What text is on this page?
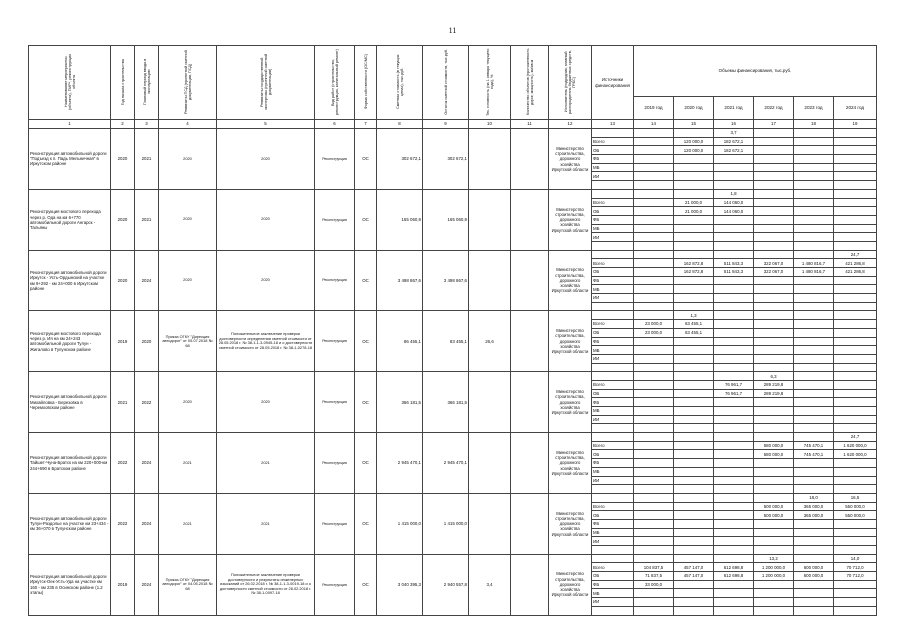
11
Наименование мероприятия (объекта), ПИР*, реконструкция объекта	Год начала строительства	Плановый период ввода в эксплуатацию	Реквизиты ПСД (проектной сметной документации, ПСД)	Реквизиты государственной экспертизы (проектной сметной документации)	Вид работ (строительство, реконструкция, капитальный ремонт)	Форма собственности (ОС/МС)	Сметная стоимость (в текущих ценах), тыс.руб.	Остаток сметной стоимости, тыс.руб.	Тех. готовность (на 1 января текущего года), %	Количество объектов (протяженность дорог, мощность), км/кв.м	Исполнитель (подрядчик, главный распорядитель бюджетных средств, ГРБС)	Источники финансирования	Объемы финансирования, тыс.руб.					
													2019 год	2020 год	2021 год	2022 год	2023 год	2024 год
1	2	3	4	5	6	7	8	9	10	11	12	13	14	15	16	17	18	19
Реконструкция автомобильной дороги "Подъезд к п. Падь Мельничная" в Иркутском районе	2020	2021	2020	2020	Реконструкция	ОС	302 672,1	302 672,1			Министерство строительства, дорожного хозяйства Иркутской области				3,7			
												Всего		120 000,0	182 672,1			
												ОБ		120 000,0	182 672,1			
												ФБ						
												МБ						
												ИИ						

Реконструкция мостового перехода через р. Ода на км 6+770 автомобильной дороги Ангарск - Тальяны	2020	2021	2020	2020	Реконструкция	ОС	165 060,9	165 060,9			Министерство строительства, дорожного хозяйства Иркутской области				1,8			
												Всего		21 000,0	144 060,0			
												ОБ		21 000,0	144 060,0			
												ФБ						
												МБ						
												ИИ						

Реконструкция автомобильной дороги Иркутск - Усть-Ордынский на участке км 9+292 - км 24+000 в Иркутском районе	2020	2024	2020	2020	Реконструкция	ОС	3 498 867,6	3 498 867,6			Министерство строительства, дорожного хозяйства Иркутской области							24,7
												Всего		162 872,8	511 843,3	322 067,0	1 480 816,7	421 286,8
												ОБ		162 872,8	511 843,3	322 067,0	1 480 816,7	421 286,8
												ФБ						
												МБ						
												ИИ						

Реконструкция мостового перехода через р. Ия на км 24+243 автомобильной дороги Тулун - Жигалово в Тулунском районе	2019	2020	Приказ ОГКУ "Дирекция автодорог" от 05.07.2018 № 68	Положительное заключение проверки достоверности определения сметной стоимости от 28.05.2018 г. № 38-1-1-3-0945-18 и о достоверности сметной стоимости от 28.05.2018 г. № 38-1-0278-18	Реконструкция	ОС	86 455,1	83 455,1	26,6		Министерство строительства, дорожного хозяйства Иркутской области			1,3				
												Всего	23 000,0	63 455,1				
												ОБ	23 000,0	63 455,1				
												ФБ						
												МБ						
												ИИ						

Реконструкция автомобильной дороги Михайловка - Березовка в Черемховском районе	2021	2022	2020	2020	Реконструкция	ОС	366 181,5	366 181,5			Министерство строительства, дорожного хозяйства Иркутской области					6,3		
												Всего			76 961,7	289 219,8		
												ОБ			76 961,7	289 219,8		
												ФБ						
												МБ						
												ИИ						

Реконструкция автомобильной дороги Тайшет-Чуна-Братск на км 220+000-км 244+690 в Братском районе	2022	2024	2021	2021	Реконструкция	ОС	2 945 470,1	2 945 470,1			Министерство строительства, дорожного хозяйства Иркутской области							24,7
												Всего				580 000,0	745 470,1	1 620 000,0
												ОБ				580 000,0	745 470,1	1 620 000,0
												ФБ						
												МБ						
												ИИ						

Реконструкция автомобильной дороги Тулун-Раздолье на участке км 23+434 - км 36+070 в Тулунском районе	2022	2024	2021	2021	Реконструкция	ОС	1 415 000,0	1 415 000,0			Министерство строительства, дорожного хозяйства Иркутской области						18,0	16,5
												Всего				500 000,0	365 000,0	550 000,0
												ОБ				500 000,0	365 000,0	550 000,0
												ФБ						
												МБ						
												ИИ						

Реконструкция автомобильной дороги Иркутск-Оек-Усть-Уда на участке км 160 - км 235 в Осинском районе (1.2 этапы)	2019	2024	Приказ ОГКУ "Дирекция автодорог" от 04.05.2018 № 68	Положительное заключение проверки достоверности и результаты инженерных изысканий от 26.02.2018 г. № 38-1-1-3-0019-18 и о достоверности сметной стоимости от 26.02.2018 г. № 38-1-0097-18	Реконструкция	ОС	3 040 395,3	2 940 557,8	3,4		Министерство строительства, дорожного хозяйства Иркутской области					13,2		14,0
												Всего	104 837,5	457 147,0	612 698,8	1 200 000,0	600 000,0	70 712,0
												ОБ	71 837,5	457 147,0	612 698,8	1 200 000,0	600 000,0	70 712,0
												ФБ	33 000,0					
												МБ						
												ИИ						
